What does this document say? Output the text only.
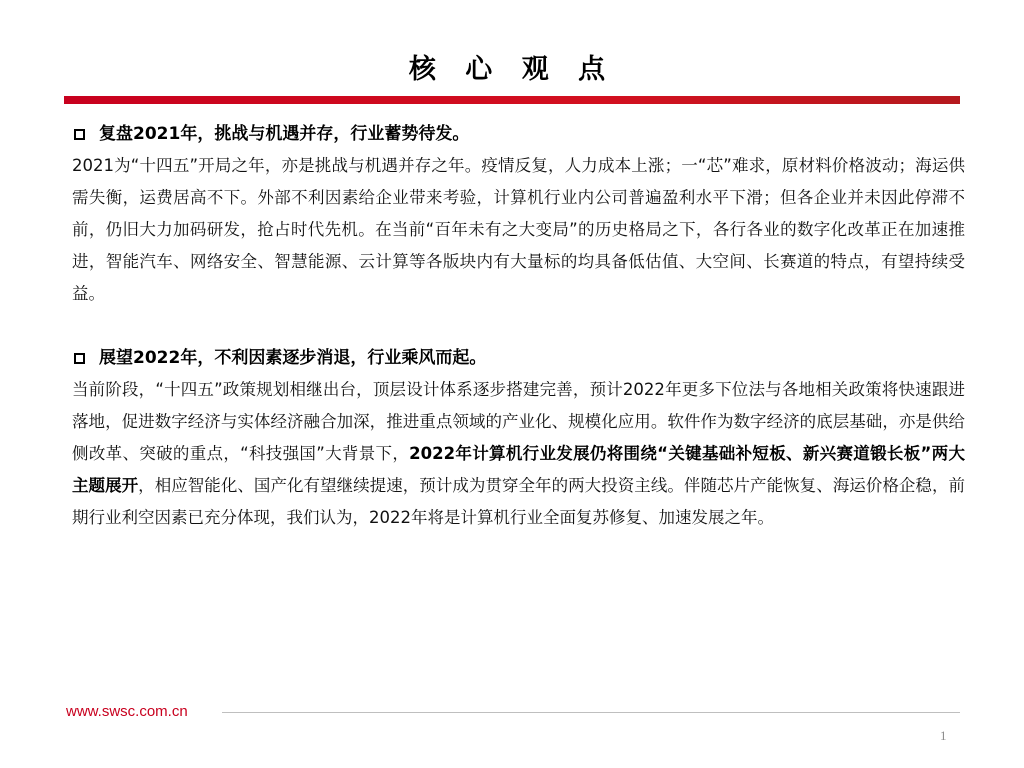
核 心 观 点
复盘2021年，挑战与机遇并存，行业蓄势待发。
2021为“十四五”开局之年，亦是挑战与机遇并存之年。疫情反复，人力成本上涨；一“芯”难求，原材料价格波动；海运供需失衡，运费居高不下。外部不利因素给企业带来考验，计算机行业内公司普遍盈利水平下滑；但各企业并未因此停滞不前，仍旧大力加码研发，抢占时代先机。在当前“百年未有之大变局”的历史格局之下，各行各业的数字化改革正在加速推进，智能汽车、网络安全、智慧能源、云计算等各版块内有大量标的均具备低估值、大空间、长赛道的特点，有望持续受益。
展望2022年，不利因素逐步消退，行业乘风而起。
当前阶段，“十四五”政策规划相继出台，顶层设计体系逐步搭建完善，预计2022年更多下位法与各地相关政策将快速跟进落地，促进数字经济与实体经济融合加深，推进重点领域的产业化、规模化应用。软件作为数字经济的底层基础，亦是供给侧改革、突破的重点，“科技强国”大背景下，2022年计算机行业发展仍将围绕“关键基础补短板、新兴赛道锻长板”两大主题展开，相应智能化、国产化有望继续提速，预计成为贯穿全年的两大投资主线。伴随芯片产能恢复、海运价格企稳，前期行业利空因素已充分体现，我们认为，2022年将是计算机行业全面复苏修复、加速发展之年。
www.swsc.com.cn
1
